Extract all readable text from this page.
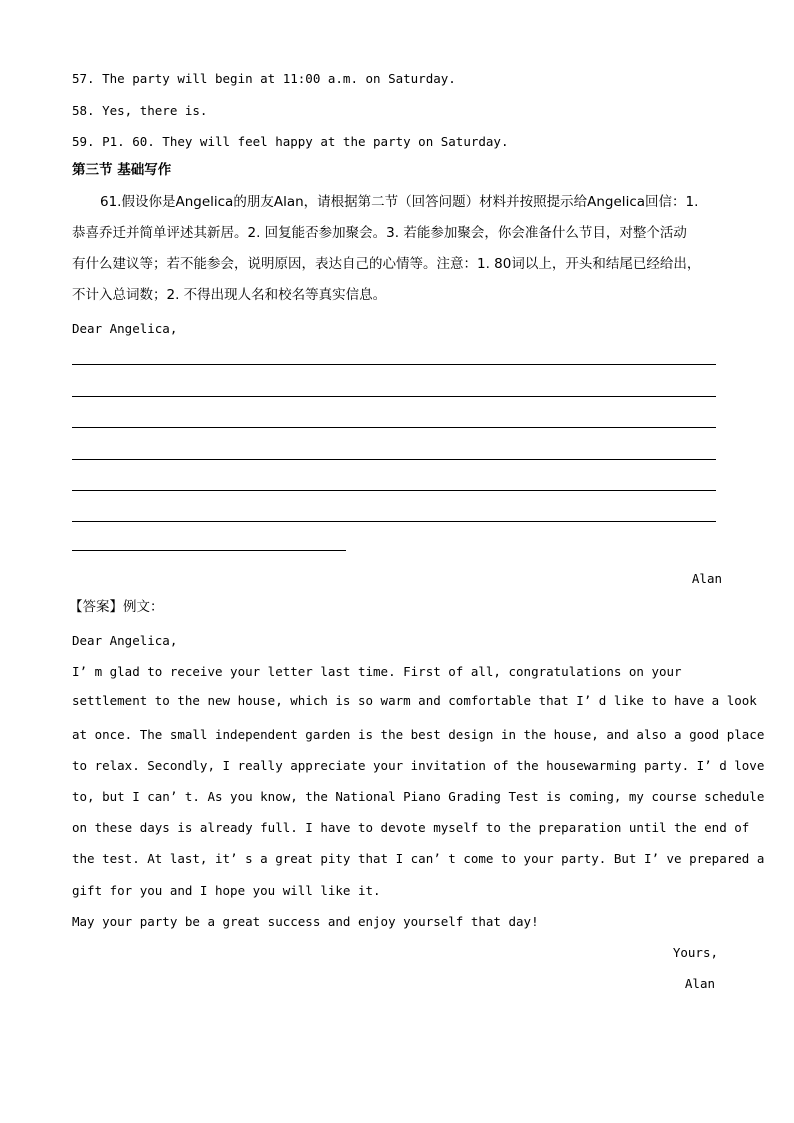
57. The party will begin at 11:00 a.m. on Saturday.
58. Yes, there is.
59. P1. 60. They will feel happy at the party on Saturday.
第三节 基础写作
61.假设你是Angelica的朋友Alan，请根据第二节（回答问题）材料并按照提示给Angelica回信：1.
恭喜乔迁并简单评述其新居。2. 回复能否参加聚会。3. 若能参加聚会，你会准备什么节目，对整个活动
有什么建议等；若不能参会，说明原因，表达自己的心情等。注意：1. 80词以上，开头和结尾已经给出，
不计入总词数；2. 不得出现人名和校名等真实信息。
Dear Angelica,
Alan
【答案】例文：
Dear Angelica,
I’ m glad to receive your letter last time. First of all, congratulations on your
settlement to the new house, which is so warm and comfortable that I’ d like to have a look
at once. The small independent garden is the best design in the house, and also a good place
to relax. Secondly, I really appreciate your invitation of the housewarming party. I’ d love
to, but I can’ t. As you know, the National Piano Grading Test is coming, my course schedule
on these days is already full. I have to devote myself to the preparation until the end of
the test. At last, it’ s a great pity that I can’ t come to your party. But I’ ve prepared a
gift for you and I hope you will like it.
May your party be a great success and enjoy yourself that day!
Yours,
Alan
